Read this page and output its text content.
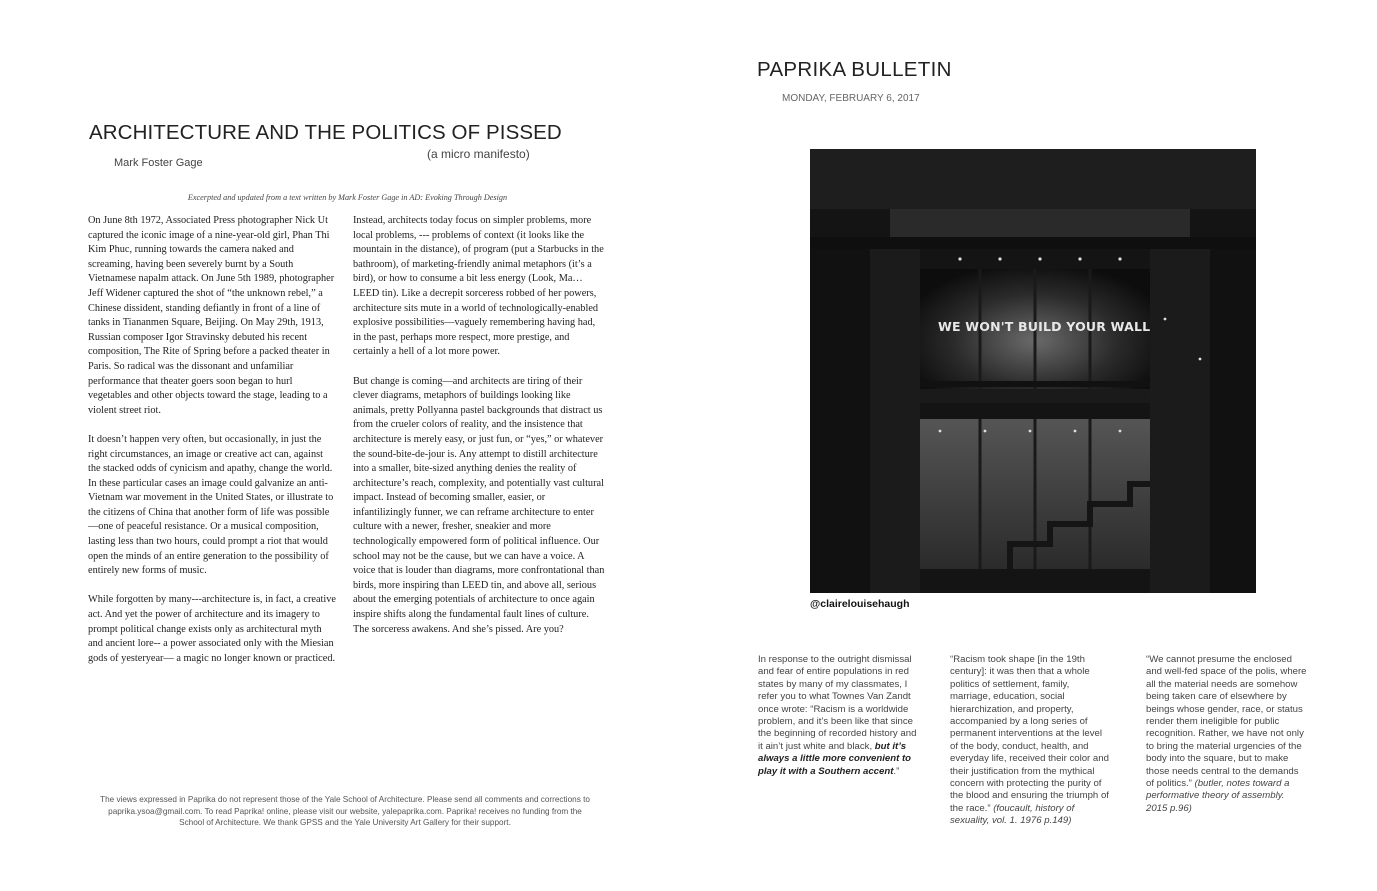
ARCHITECTURE AND THE POLITICS OF PISSED
(a micro manifesto)
Mark Foster Gage
Excerpted and updated from a text written by Mark Foster Gage in AD: Evoking Through Design

On June 8th 1972, Associated Press photographer Nick Ut captured the iconic image of a nine-year-old girl, Phan Thi Kim Phuc, running towards the camera naked and screaming, having been severely burnt by a South Vietnamese napalm attack. On June 5th 1989, photographer Jeff Widener captured the shot of “the unknown rebel,” a Chinese dissident, standing defiantly in front of a line of tanks in Tiananmen Square, Beijing. On May 29th, 1913, Russian composer Igor Stravinsky debuted his recent composition, The Rite of Spring before a packed theater in Paris. So radical was the dissonant and unfamiliar performance that theater goers soon began to hurl vegetables and other objects toward the stage, leading to a violent street riot.

It doesn’t happen very often, but occasionally, in just the right circumstances, an image or creative act can, against the stacked odds of cynicism and apathy, change the world. In these particular cases an image could galvanize an anti-Vietnam war movement in the United States, or illustrate to the citizens of China that another form of life was possible—one of peaceful resistance. Or a musical composition, lasting less than two hours, could prompt a riot that would open the minds of an entire generation to the possibility of entirely new forms of music.

While forgotten by many---architecture is, in fact, a creative act. And yet the power of architecture and its imagery to prompt political change exists only as architectural myth and ancient lore-- a power associated only with the Miesian gods of yesteryear— a magic no longer known or practiced.

Instead, architects today focus on simpler problems, more local problems, --- problems of context (it looks like the mountain in the distance), of program (put a Starbucks in the bathroom), of marketing-friendly animal metaphors (it’s a bird), or how to consume a bit less energy (Look, Ma…LEED tin). Like a decrepit sorceress robbed of her powers, architecture sits mute in a world of technologically-enabled explosive possibilities—vaguely remembering having had, in the past, perhaps more respect, more prestige, and certainly a hell of a lot more power.

But change is coming—and architects are tiring of their clever diagrams, metaphors of buildings looking like animals, pretty Pollyanna pastel backgrounds that distract us from the crueler colors of reality, and the insistence that architecture is merely easy, or just fun, or “yes,” or whatever the sound-bite-de-jour is. Any attempt to distill architecture into a smaller, bite-sized anything denies the reality of architecture’s reach, complexity, and potentially vast cultural impact. Instead of becoming smaller, easier, or infantilizingly funner, we can reframe architecture to enter culture with a newer, fresher, sneakier and more technologically empowered form of political influence. Our school may not be the cause, but we can have a voice. A voice that is louder than diagrams, more confrontational than birds, more inspiring than LEED tin, and above all, serious about the emerging potentials of architecture to once again inspire shifts along the fundamental fault lines of culture. The sorceress awakens. And she’s pissed. Are you?

The views expressed in Paprika do not represent those of the Yale School of Architecture. Please send all comments and corrections to paprika.ysoa@gmail.com. To read Paprika! online, please visit our website, yalepaprika.com. Paprika! receives no funding from the School of Architecture. We thank GPSS and the Yale University Art Gallery for their support.
PAPRIKA BULLETIN
MONDAY, FEBRUARY 6, 2017
WE WON'T BUILD YOUR WALL
@clairelouisehaugh
In response to the outright dismissal and fear of entire populations in red states by many of my classmates, I refer you to what Townes Van Zandt once wrote: “Racism is a worldwide problem, and it’s been like that since the beginning of recorded history and it ain’t just white and black, but it’s always a little more convenient to play it with a Southern accent.”
“Racism took shape [in the 19th century]: it was then that a whole politics of settlement, family, marriage, education, social hierarchization, and property, accompanied by a long series of permanent interventions at the level of the body, conduct, health, and everyday life, received their color and their justification from the mythical concern with protecting the purity of the blood and ensuring the triumph of the race.” (foucault, history of sexuality, vol. 1. 1976 p.149)
“We cannot presume the enclosed and well-fed space of the polis, where all the material needs are somehow being taken care of elsewhere by beings whose gender, race, or status render them ineligible for public recognition. Rather, we have not only to bring the material urgencies of the body into the square, but to make those needs central to the demands of politics.” (butler, notes toward a performative theory of assembly. 2015 p.96)
